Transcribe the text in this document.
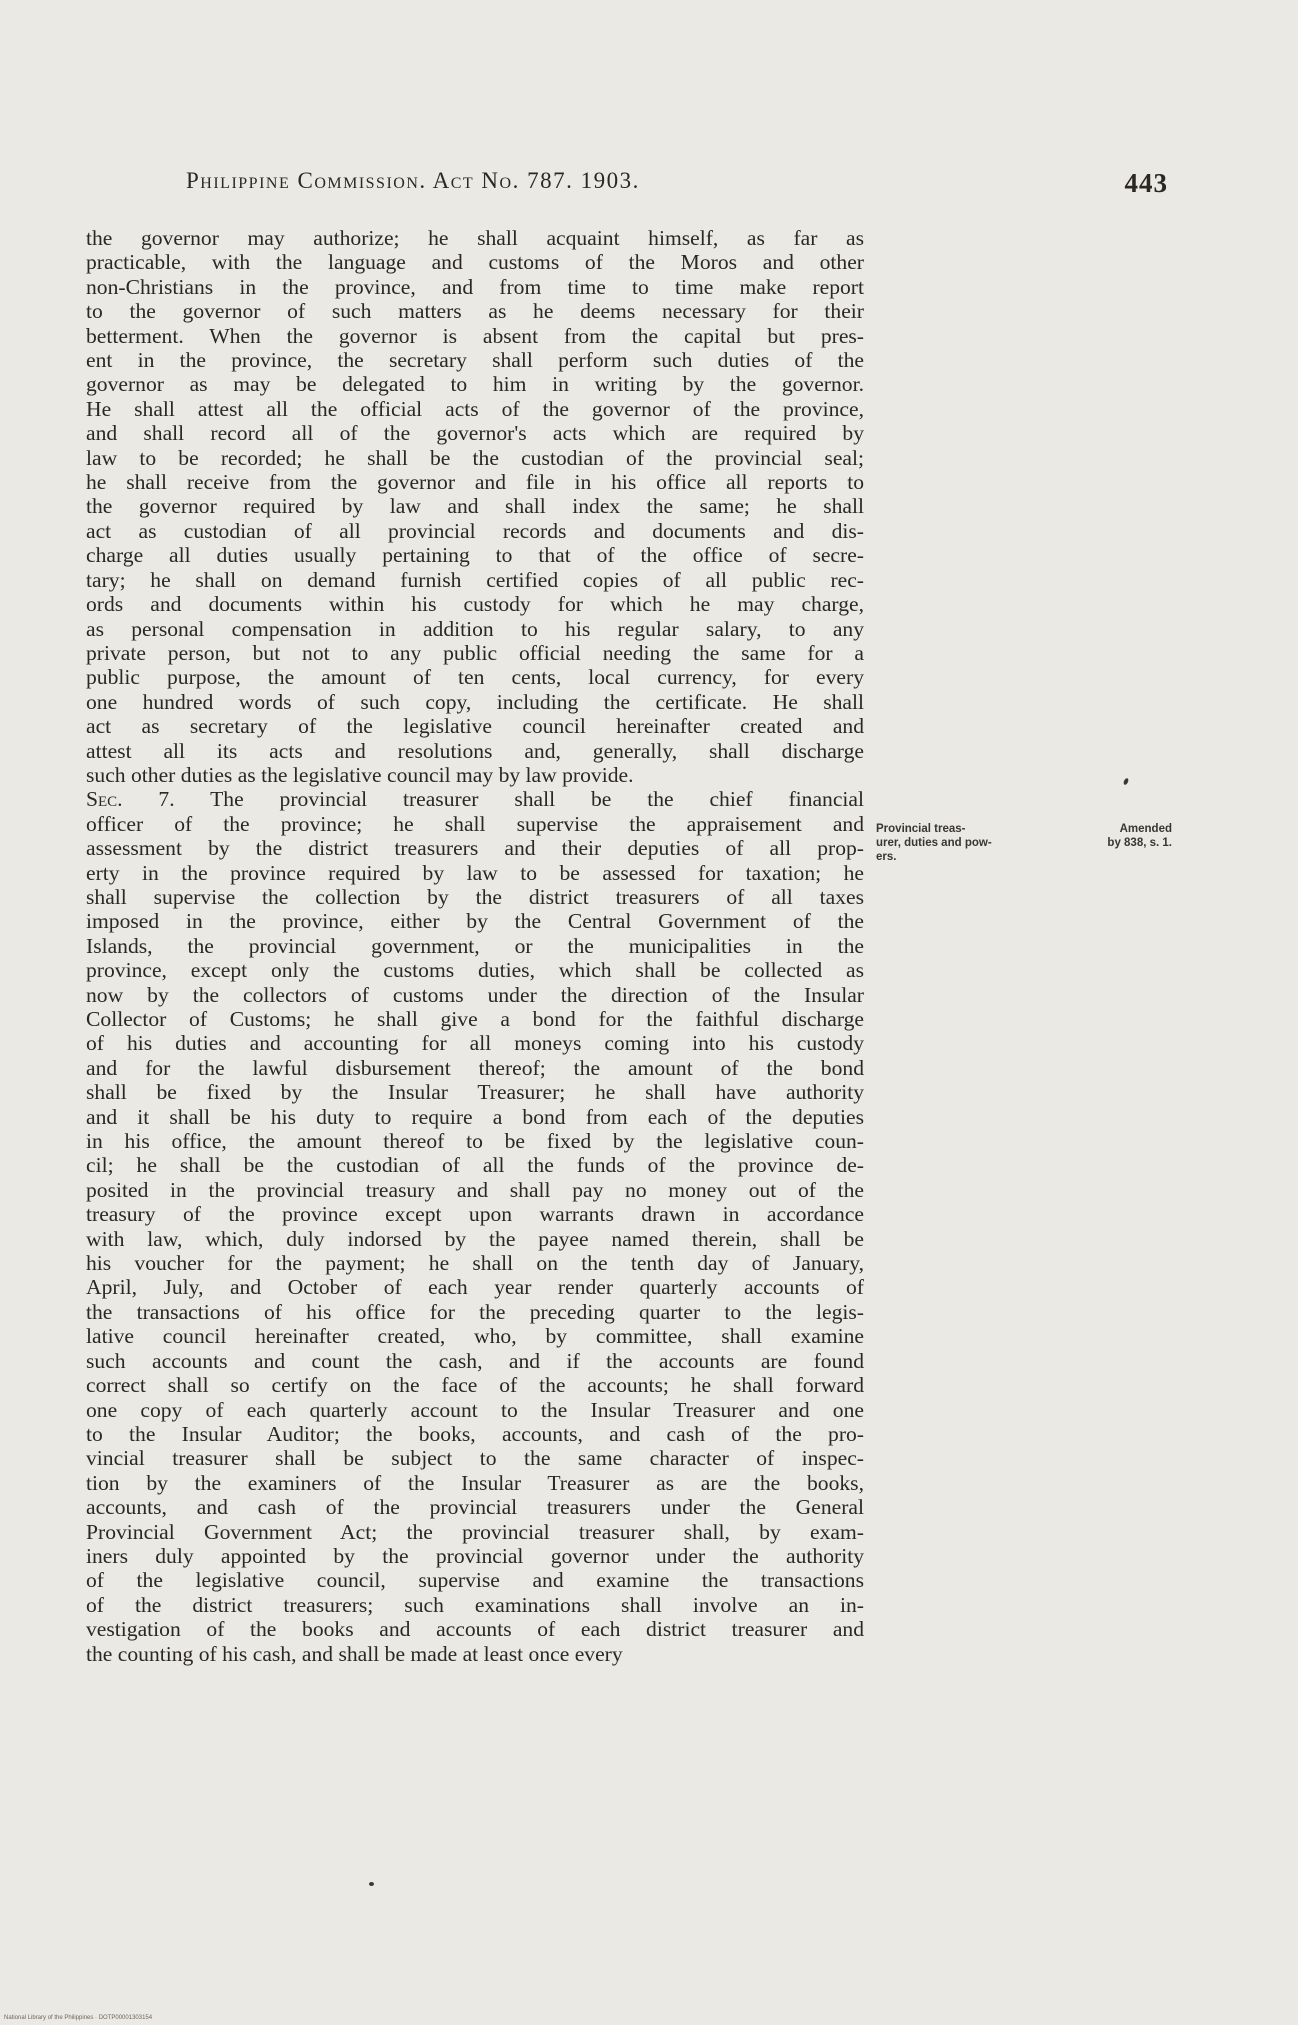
Philippine Commission. Act No. 787. 1903.	443
the governor may authorize; he shall acquaint himself, as far as
practicable, with the language and customs of the Moros and other
non-Christians in the province, and from time to time make report
to the governor of such matters as he deems necessary for their
betterment. When the governor is absent from the capital but pres-
ent in the province, the secretary shall perform such duties of the
governor as may be delegated to him in writing by the governor.
He shall attest all the official acts of the governor of the province,
and shall record all of the governor's acts which are required by
law to be recorded; he shall be the custodian of the provincial seal;
he shall receive from the governor and file in his office all reports to
the governor required by law and shall index the same; he shall
act as custodian of all provincial records and documents and dis-
charge all duties usually pertaining to that of the office of secre-
tary; he shall on demand furnish certified copies of all public rec-
ords and documents within his custody for which he may charge,
as personal compensation in addition to his regular salary, to any
private person, but not to any public official needing the same for a
public purpose, the amount of ten cents, local currency, for every
one hundred words of such copy, including the certificate. He shall
act as secretary of the legislative council hereinafter created and
attest all its acts and resolutions and, generally, shall discharge
such other duties as the legislative council may by law provide.
Sec. 7. The provincial treasurer shall be the chief financial
officer of the province; he shall supervise the appraisement and
assessment by the district treasurers and their deputies of all prop-
erty in the province required by law to be assessed for taxation; he
shall supervise the collection by the district treasurers of all taxes
imposed in the province, either by the Central Government of the
Islands, the provincial government, or the municipalities in the
province, except only the customs duties, which shall be collected as
now by the collectors of customs under the direction of the Insular
Collector of Customs; he shall give a bond for the faithful discharge
of his duties and accounting for all moneys coming into his custody
and for the lawful disbursement thereof; the amount of the bond
shall be fixed by the Insular Treasurer; he shall have authority
and it shall be his duty to require a bond from each of the deputies
in his office, the amount thereof to be fixed by the legislative coun-
cil; he shall be the custodian of all the funds of the province de-
posited in the provincial treasury and shall pay no money out of the
treasury of the province except upon warrants drawn in accordance
with law, which, duly indorsed by the payee named therein, shall be
his voucher for the payment; he shall on the tenth day of January,
April, July, and October of each year render quarterly accounts of
the transactions of his office for the preceding quarter to the legis-
lative council hereinafter created, who, by committee, shall examine
such accounts and count the cash, and if the accounts are found
correct shall so certify on the face of the accounts; he shall forward
one copy of each quarterly account to the Insular Treasurer and one
to the Insular Auditor; the books, accounts, and cash of the pro-
vincial treasurer shall be subject to the same character of inspec-
tion by the examiners of the Insular Treasurer as are the books,
accounts, and cash of the provincial treasurers under the General
Provincial Government Act; the provincial treasurer shall, by exam-
iners duly appointed by the provincial governor under the authority
of the legislative council, supervise and examine the transactions
of the district treasurers; such examinations shall involve an in-
vestigation of the books and accounts of each district treasurer and
the counting of his cash, and shall be made at least once every
Provincial treas-
urer, duties and pow-
ers.
Amended
by 838, s. 1.
National Library of the Philippines · DOTP00001303154
